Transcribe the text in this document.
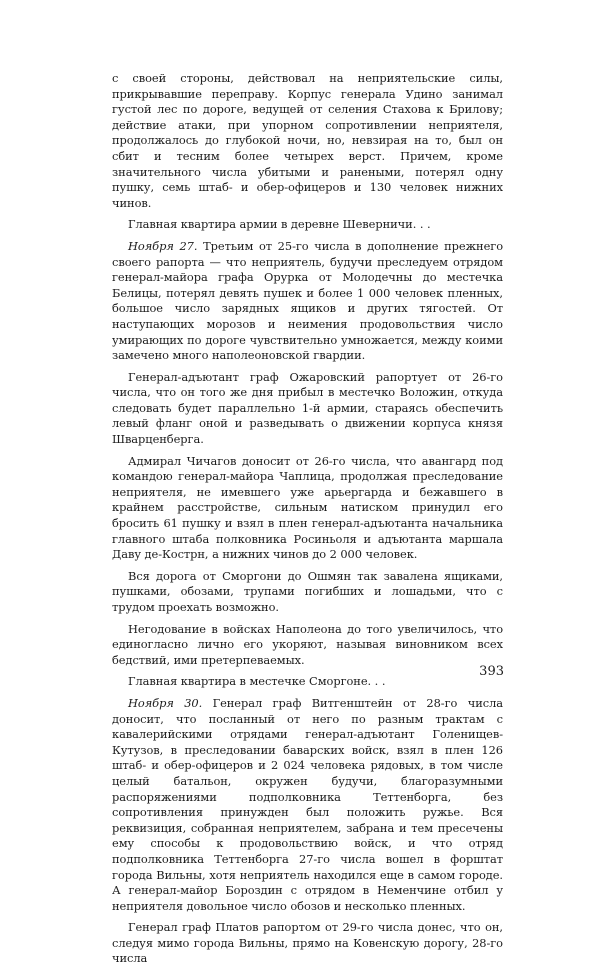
с своей стороны, действовал на неприятельские силы, прикрывавшие переправу. Корпус генерала Удино занимал густой лес по дороге, ведущей от селения Стахова к Брилову; действие атаки, при упорном сопротивлении неприятеля, продолжалось до глубокой ночи, но, невзирая на то, был он сбит и тесним более четырех верст. Причем, кроме значительного числа убитыми и ранеными, потерял одну пушку, семь штаб- и обер-офицеров и 130 человек нижних чинов.

Главная квартира армии в деревне Шеверничи. . .

Ноября 27. Третьим от 25-го числа в дополнение прежнего своего рапорта — что неприятель, будучи преследуем отрядом генерал-майора графа Орурка от Молодечны до местечка Белицы, потерял девять пушек и более 1 000 человек пленных, большое число зарядных ящиков и других тягостей. От наступающих морозов и неимения продовольствия число умирающих по дороге чувствительно умножается, между коими замечено много наполеоновской гвардии.

Генерал-адъютант граф Ожаровский рапортует от 26-го числа, что он того же дня прибыл в местечко Воложин, откуда следовать будет параллельно 1-й армии, стараясь обеспечить левый фланг оной и разведывать о движении корпуса князя Шварценберга.

Адмирал Чичагов доносит от 26-го числа, что авангард под командою генерал-майора Чаплица, продолжая преследование неприятеля, не имевшего уже арьергарда и бежавшего в крайнем расстройстве, сильным натиском принудил его бросить 61 пушку и взял в плен генерал-адъютанта начальника главного штаба полковника Росиньоля и адъютанта маршала Даву де-Кострн, а нижних чинов до 2 000 человек.

Вся дорога от Сморгони до Ошмян так завалена ящиками, пушками, обозами, трупами погибших и лошадьми, что с трудом проехать возможно.

Негодование в войсках Наполеона до того увеличилось, что единогласно лично его укоряют, называя виновником всех бедствий, ими претерпеваемых.

Главная квартира в местечке Сморгоне. . .

Ноября 30. Генерал граф Витгенштейн от 28-го числа доносит, что посланный от него по разным трактам с кавалерийскими отрядами генерал-адъютант Голенищев-Кутузов, в преследовании баварских войск, взял в плен 126 штаб- и обер-офицеров и 2 024 человека рядовых, в том числе целый батальон, окружен будучи, благоразумными распоряжениями подполковника Теттенборга, без сопротивления принужден был положить ружье. Вся реквизиция, собранная неприятелем, забрана и тем пресечены ему способы к продовольствию войск, и что отряд подполковника Теттенборга 27-го числа вошел в форштат города Вильны, хотя неприятель находился еще в самом городе. А генерал-майор Бороздин с отрядом в Неменчине отбил у неприятеля довольное число обозов и несколько пленных.

Генерал граф Платов рапортом от 29-го числа донес, что он, следуя мимо города Вильны, прямо на Ковенскую дорогу, 28-го числа

393
